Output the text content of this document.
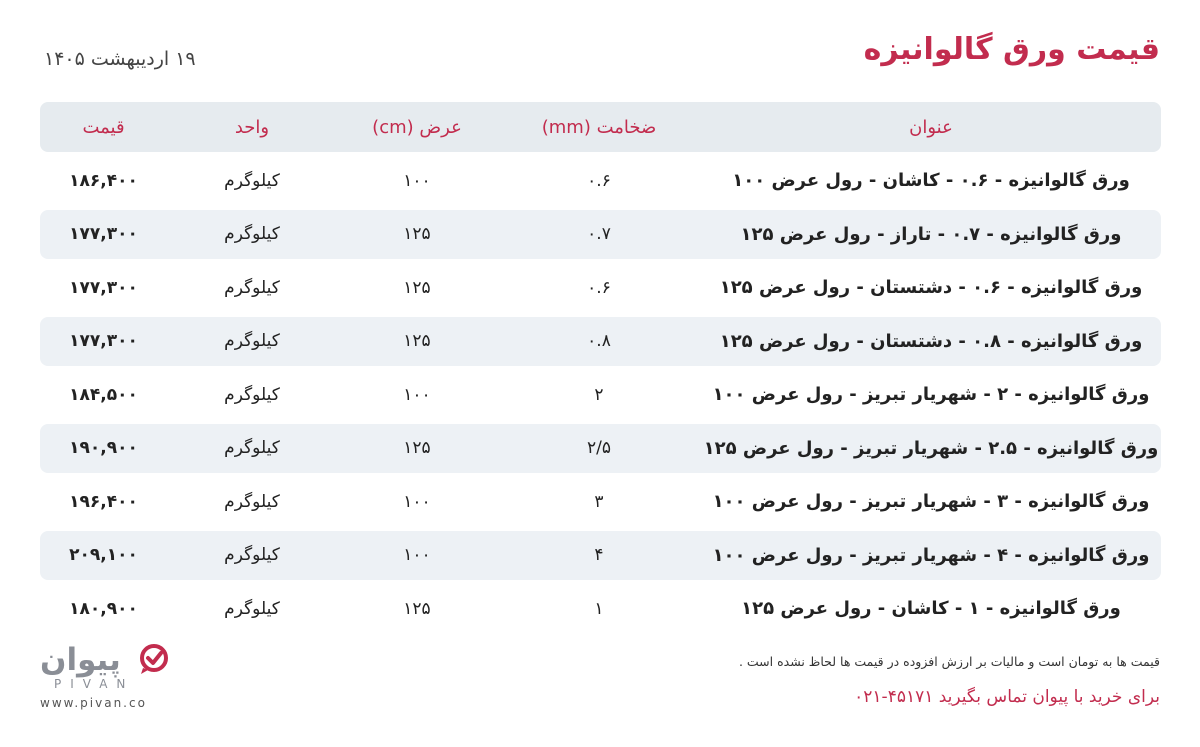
قیمت ورق گالوانیزه
۱۹ اردیبهشت ۱۴۰۵
عنوان
ضخامت (mm)
عرض (cm)
واحد
قیمت
ورق گالوانیزه - ۰.۶ - کاشان - رول عرض ۱۰۰
۰.۶
۱۰۰
کیلوگرم
۱۸۶,۴۰۰
ورق گالوانیزه - ۰.۷ - تاراز - رول عرض ۱۲۵
۰.۷
۱۲۵
کیلوگرم
۱۷۷,۳۰۰
ورق گالوانیزه - ۰.۶ - دشتستان - رول عرض ۱۲۵
۰.۶
۱۲۵
کیلوگرم
۱۷۷,۳۰۰
ورق گالوانیزه - ۰.۸ - دشتستان - رول عرض ۱۲۵
۰.۸
۱۲۵
کیلوگرم
۱۷۷,۳۰۰
ورق گالوانیزه - ۲ - شهریار تبریز - رول عرض ۱۰۰
۲
۱۰۰
کیلوگرم
۱۸۴,۵۰۰
ورق گالوانیزه - ۲.۵ - شهریار تبریز - رول عرض ۱۲۵
۲/۵
۱۲۵
کیلوگرم
۱۹۰,۹۰۰
ورق گالوانیزه - ۳ - شهریار تبریز - رول عرض ۱۰۰
۳
۱۰۰
کیلوگرم
۱۹۶,۴۰۰
ورق گالوانیزه - ۴ - شهریار تبریز - رول عرض ۱۰۰
۴
۱۰۰
کیلوگرم
۲۰۹,۱۰۰
ورق گالوانیزه - ۱ - کاشان - رول عرض ۱۲۵
۱
۱۲۵
کیلوگرم
۱۸۰,۹۰۰
قیمت ها به تومان است و مالیات بر ارزش افزوده در قیمت ها لحاظ نشده است .
برای خرید با پیوان تماس بگیرید ۴۵۱۷۱-۰۲۱
پیوان
PIVAN
www.pivan.co
